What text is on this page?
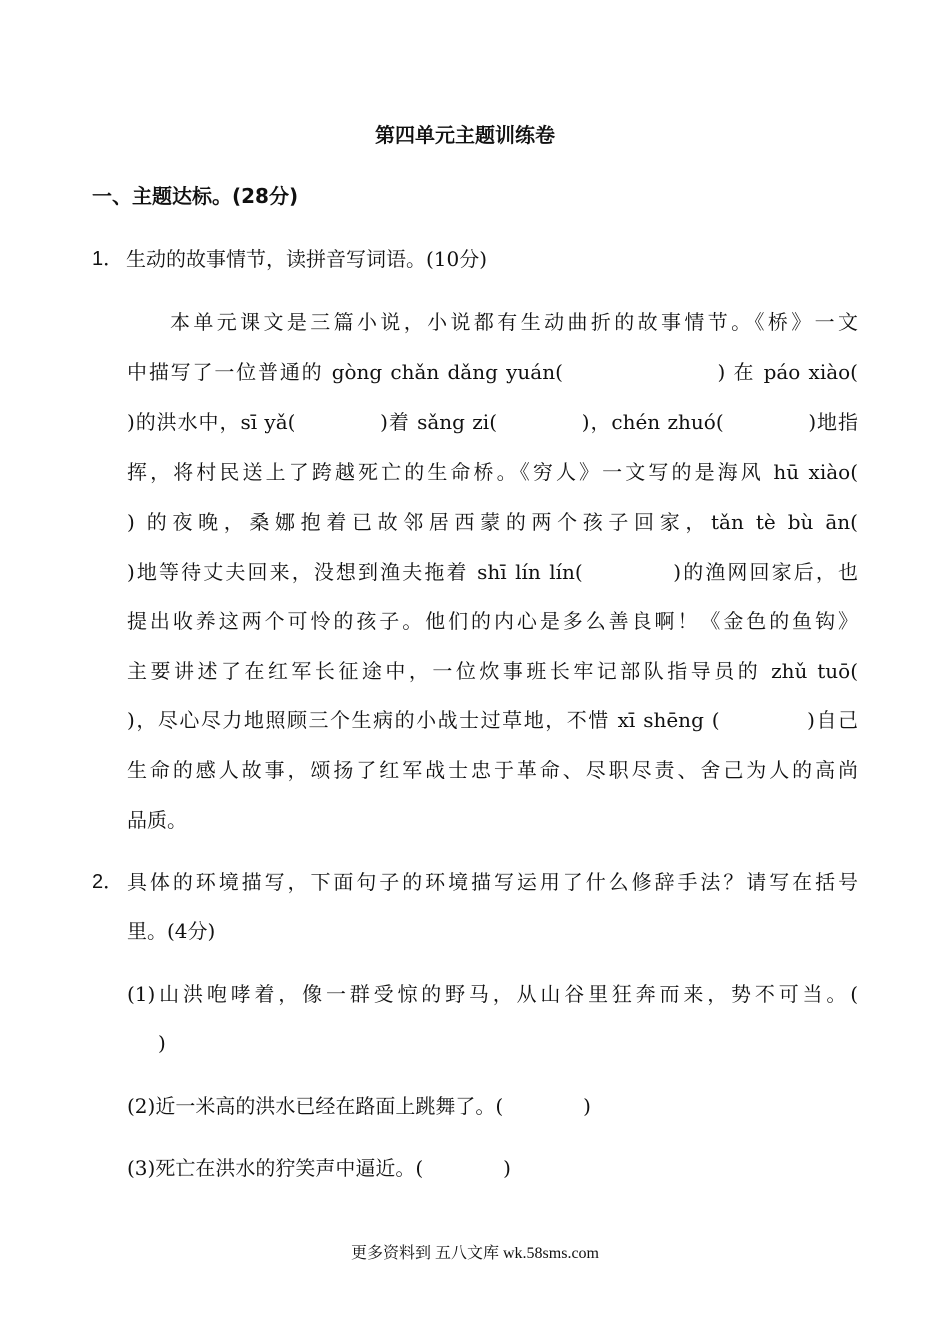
第四单元主题训练卷
一、主题达标。(28分)
1． 生动的故事情节，读拼音写词语。(10分)
本单元课文是三篇小说，小说都有生动曲折的故事情节。《桥》一文
中描写了一位普通的 gòng chǎn dǎng yuán(　　　　　　　) 在 páo xiào(
)的洪水中，sī yǎ(　　　　)着 sǎng zi(　　　　)，chén zhuó(　　　　)地指
挥，将村民送上了跨越死亡的生命桥。《穷人》一文写的是海风 hū xiào(
) 的夜晚，桑娜抱着已故邻居西蒙的两个孩子回家，tǎn tè bù ān(
)地等待丈夫回来，没想到渔夫拖着 shī lín lín(　　　　)的渔网回家后，也
提出收养这两个可怜的孩子。他们的内心是多么善良啊！《金色的鱼钩》
主要讲述了在红军长征途中，一位炊事班长牢记部队指导员的 zhǔ tuō(
)，尽心尽力地照顾三个生病的小战士过草地，不惜 xī shēng (　　　　)自己
生命的感人故事，颂扬了红军战士忠于革命、尽职尽责、舍己为人的高尚
品质。
2． 具体的环境描写，下面句子的环境描写运用了什么修辞手法？请写在括号
里。(4分)
(1)山洪咆哮着，像一群受惊的野马，从山谷里狂奔而来，势不可当。(
)
(2)近一米高的洪水已经在路面上跳舞了。(　　　　)
(3)死亡在洪水的狞笑声中逼近。(　　　　)
更多资料到 五八文库 wk.58sms.com
